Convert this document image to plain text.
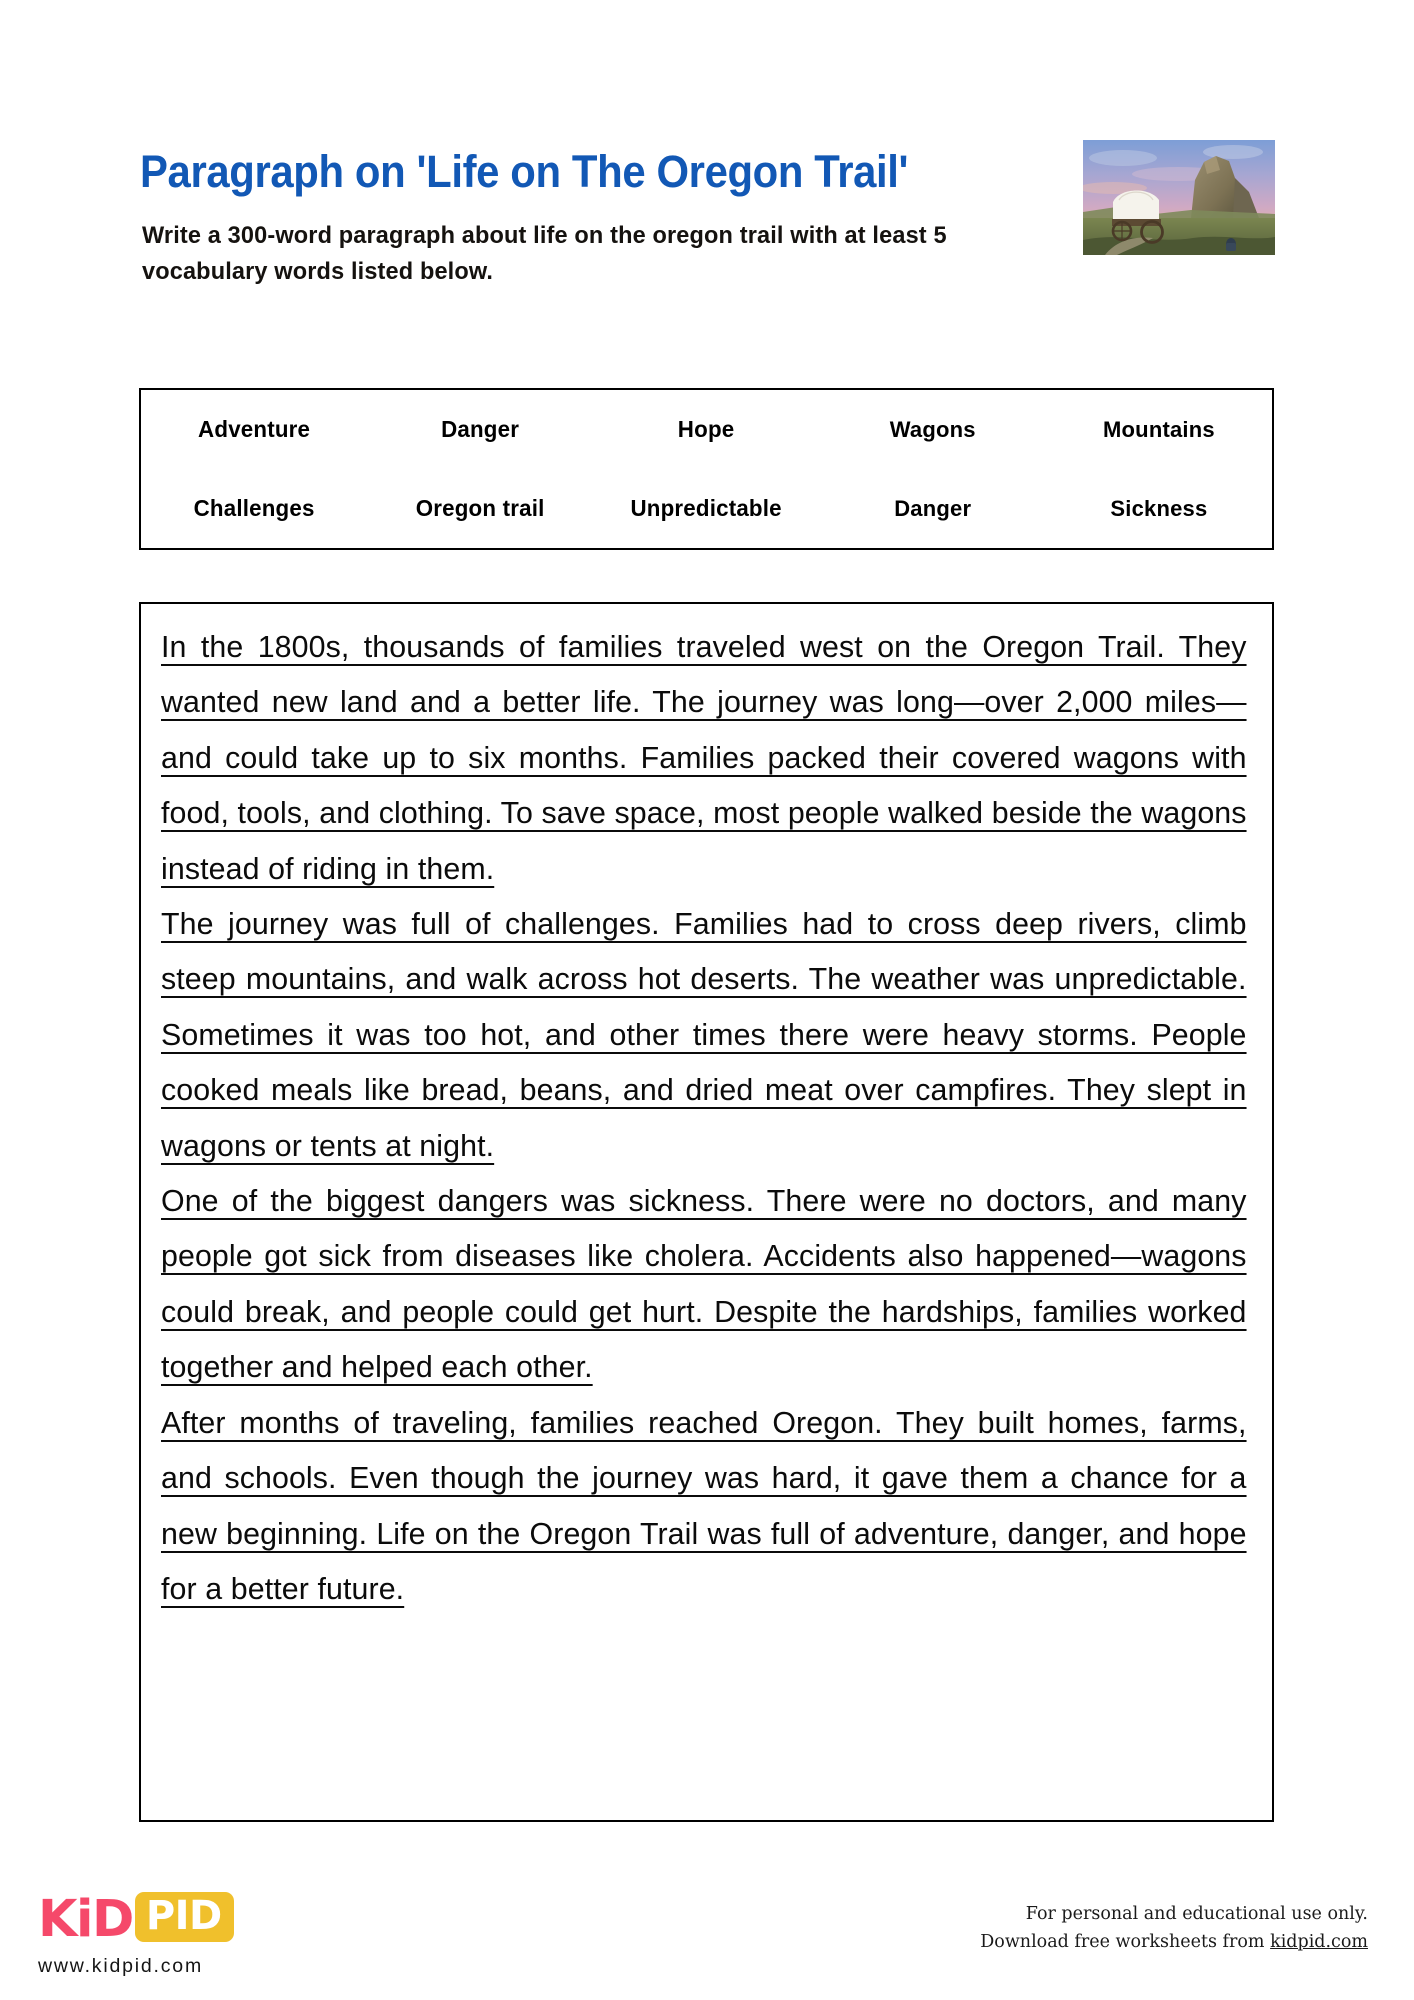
Paragraph on 'Life on The Oregon Trail'
Write a 300-word paragraph about life on the oregon trail with at least 5 vocabulary words listed below.
Adventure	Danger	Hope	Wagons	Mountains
Challenges	Oregon trail	Unpredictable	Danger	Sickness

In the 1800s, thousands of families traveled west on the Oregon Trail. They wanted new land and a better life. The journey was long—over 2,000 miles—and could take up to six months. Families packed their covered wagons with food, tools, and clothing. To save space, most people walked beside the wagons instead of riding in them.

The journey was full of challenges. Families had to cross deep rivers, climb steep mountains, and walk across hot deserts. The weather was unpredictable. Sometimes it was too hot, and other times there were heavy storms. People cooked meals like bread, beans, and dried meat over campfires. They slept in wagons or tents at night.

One of the biggest dangers was sickness. There were no doctors, and many people got sick from diseases like cholera. Accidents also happened—wagons could break, and people could get hurt. Despite the hardships, families worked together and helped each other.

After months of traveling, families reached Oregon. They built homes, farms, and schools. Even though the journey was hard, it gave them a chance for a new beginning. Life on the Oregon Trail was full of adventure, danger, and hope for a better future.

KiD PID
www.kidpid.com
For personal and educational use only.
Download free worksheets from kidpid.com
